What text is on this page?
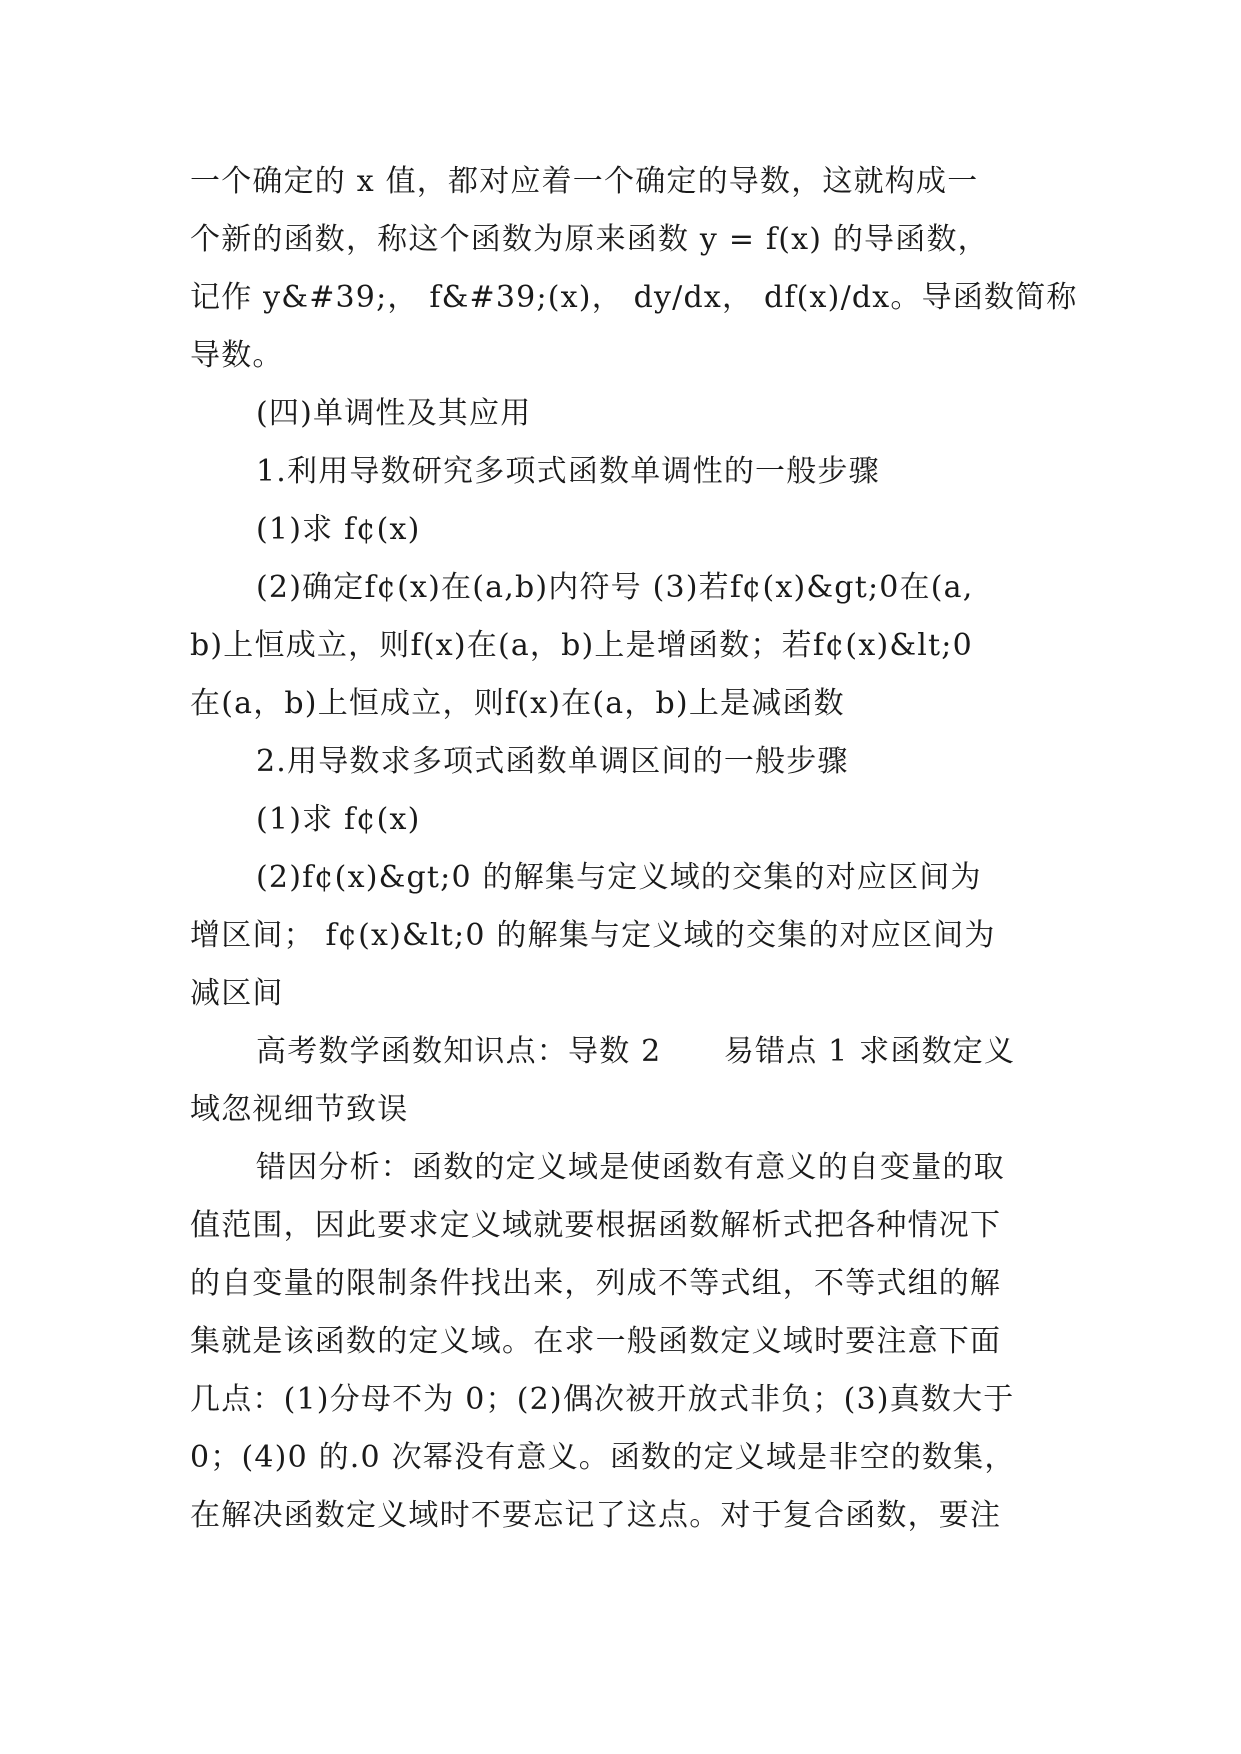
一个确定的 x 值，都对应着一个确定的导数，这就构成一
个新的函数，称这个函数为原来函数 y = f(x) 的导函数，
记作 y&#39;， f&#39;(x)， dy/dx， df(x)/dx。导函数简称
导数。
(四)单调性及其应用
1.利用导数研究多项式函数单调性的一般步骤
(1)求 f¢(x)
(2)确定f¢(x)在(a,b)内符号 (3)若f¢(x)&gt;0在(a,
b)上恒成立，则f(x)在(a，b)上是增函数；若f¢(x)&lt;0
在(a，b)上恒成立，则f(x)在(a，b)上是减函数
2.用导数求多项式函数单调区间的一般步骤
(1)求 f¢(x)
(2)f¢(x)&gt;0 的解集与定义域的交集的对应区间为
增区间； f¢(x)&lt;0 的解集与定义域的交集的对应区间为
减区间
高考数学函数知识点：导数 2　　易错点 1 求函数定义
域忽视细节致误
错因分析：函数的定义域是使函数有意义的自变量的取
值范围，因此要求定义域就要根据函数解析式把各种情况下
的自变量的限制条件找出来，列成不等式组，不等式组的解
集就是该函数的定义域。在求一般函数定义域时要注意下面
几点：(1)分母不为 0；(2)偶次被开放式非负；(3)真数大于
0；(4)0 的.0 次幂没有意义。函数的定义域是非空的数集，
在解决函数定义域时不要忘记了这点。对于复合函数，要注
